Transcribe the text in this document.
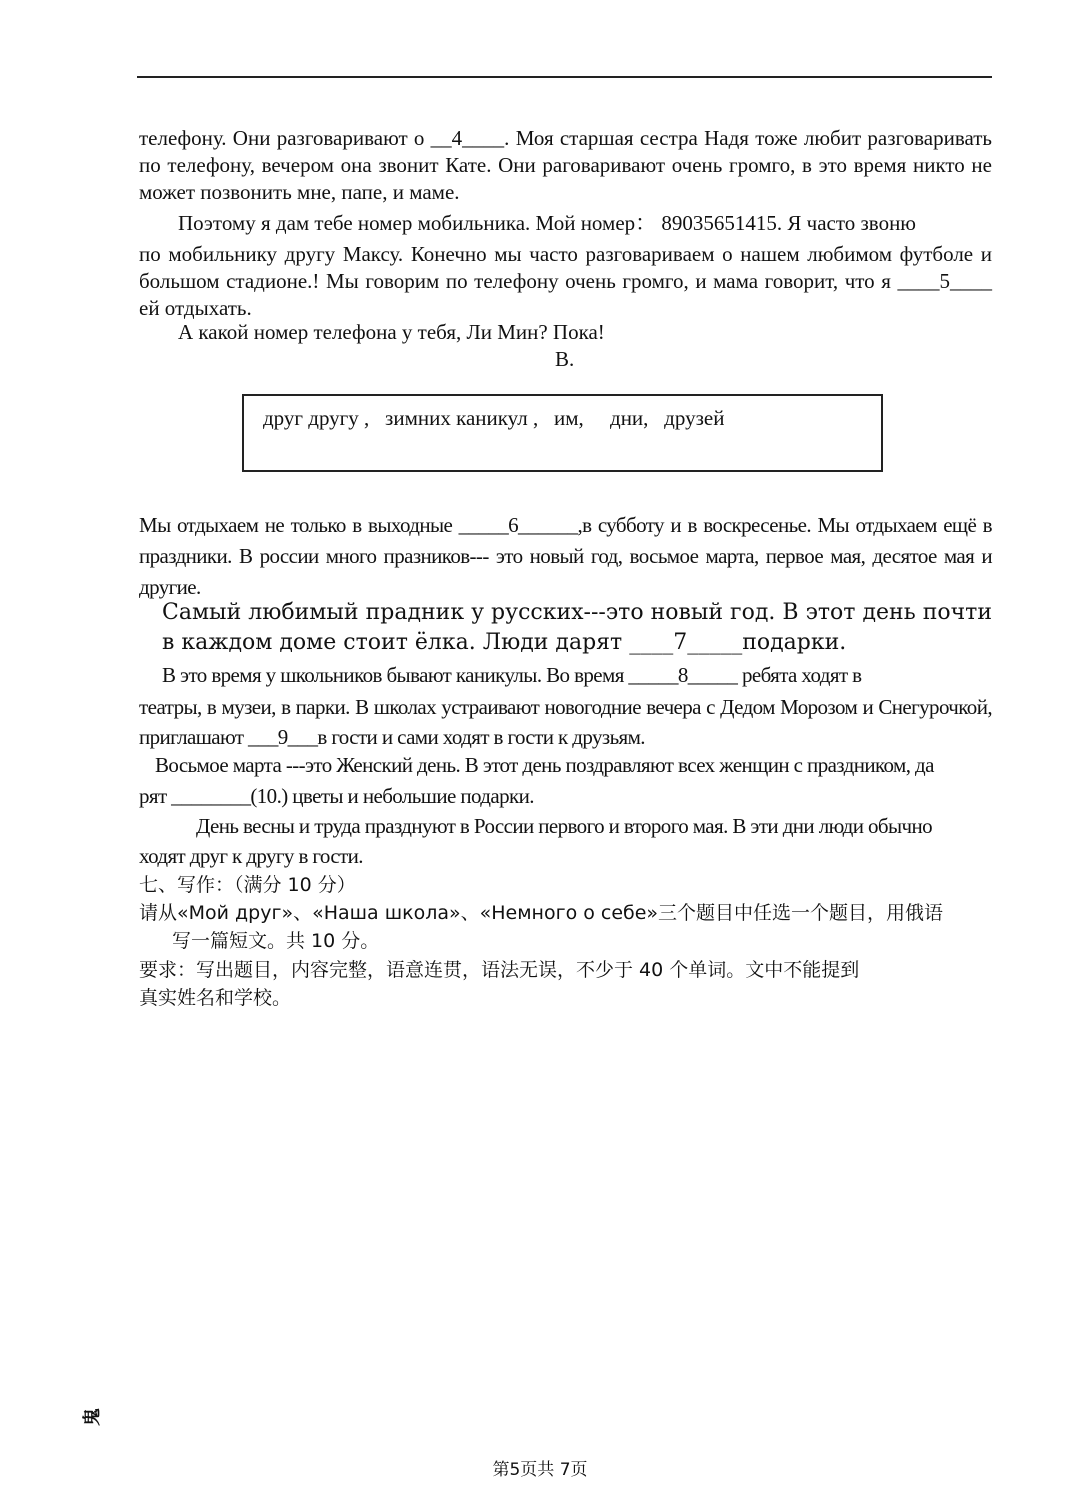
телефону. Они разговаривают о __4____. Моя старшая сестра Надя тоже любит разговаривать по телефону, вечером она звонит Кате. Они раговаривают очень громго, в это время никто не может позвонить мне, папе, и маме.

Поэтому я дам тебе номер мобильника. Мой номер： 89035651415. Я часто звоню

по мобильнику другу Максу. Конечно мы часто разговариваем о нашем любимом футболе и большом стадионе.! Мы говорим по телефону очень громго, и мама говорит, что я ____5____ ей отдыхать.

А какой номер телефона у тебя, Ли Мин? Пока!

B.

друг другу ,   зимних каникул ,   им,     дни,   друзей

Мы отдыхаем не только в выходные _____6______,в субботу и в воскресенье. Мы отдыхаем ещё в праздники. В россии много празников--- это новый год, восьмое марта, первое мая, десятое мая и другие.

Самый любимый прадник у русских---это новый год. В этот день почти в каждом доме стоит ёлка. Люди дарят ____7_____подарки.

В это время у школьников бывают каникулы. Во время _____8_____ ребята ходят в

театры, в музеи, в парки. В школах устраивают новогодние вечера с Дедом Морозом и Снегурочкой, приглашают ___9___в гости и сами ходят в гости к друзьям.

Восьмое марта ---это Женский день. В этот день поздравляют всех женщин с праздником, да

рят ________(10.) цветы и небольшие подарки.

День весны и труда празднуют в России первого и второго мая. В эти дни люди обычно

ходят друг к другу в гости.

七、写作：（满分 10 分）

请从«Мой друг»、«Наша школа»、«Немного о себе»三个题目中任选一个题目，用俄语

写一篇短文。共 10 分。

要求：写出题目，内容完整，语意连贯，语法无误，不少于 40 个单词。文中不能提到

真实姓名和学校。

鬼
第5页共 7页
